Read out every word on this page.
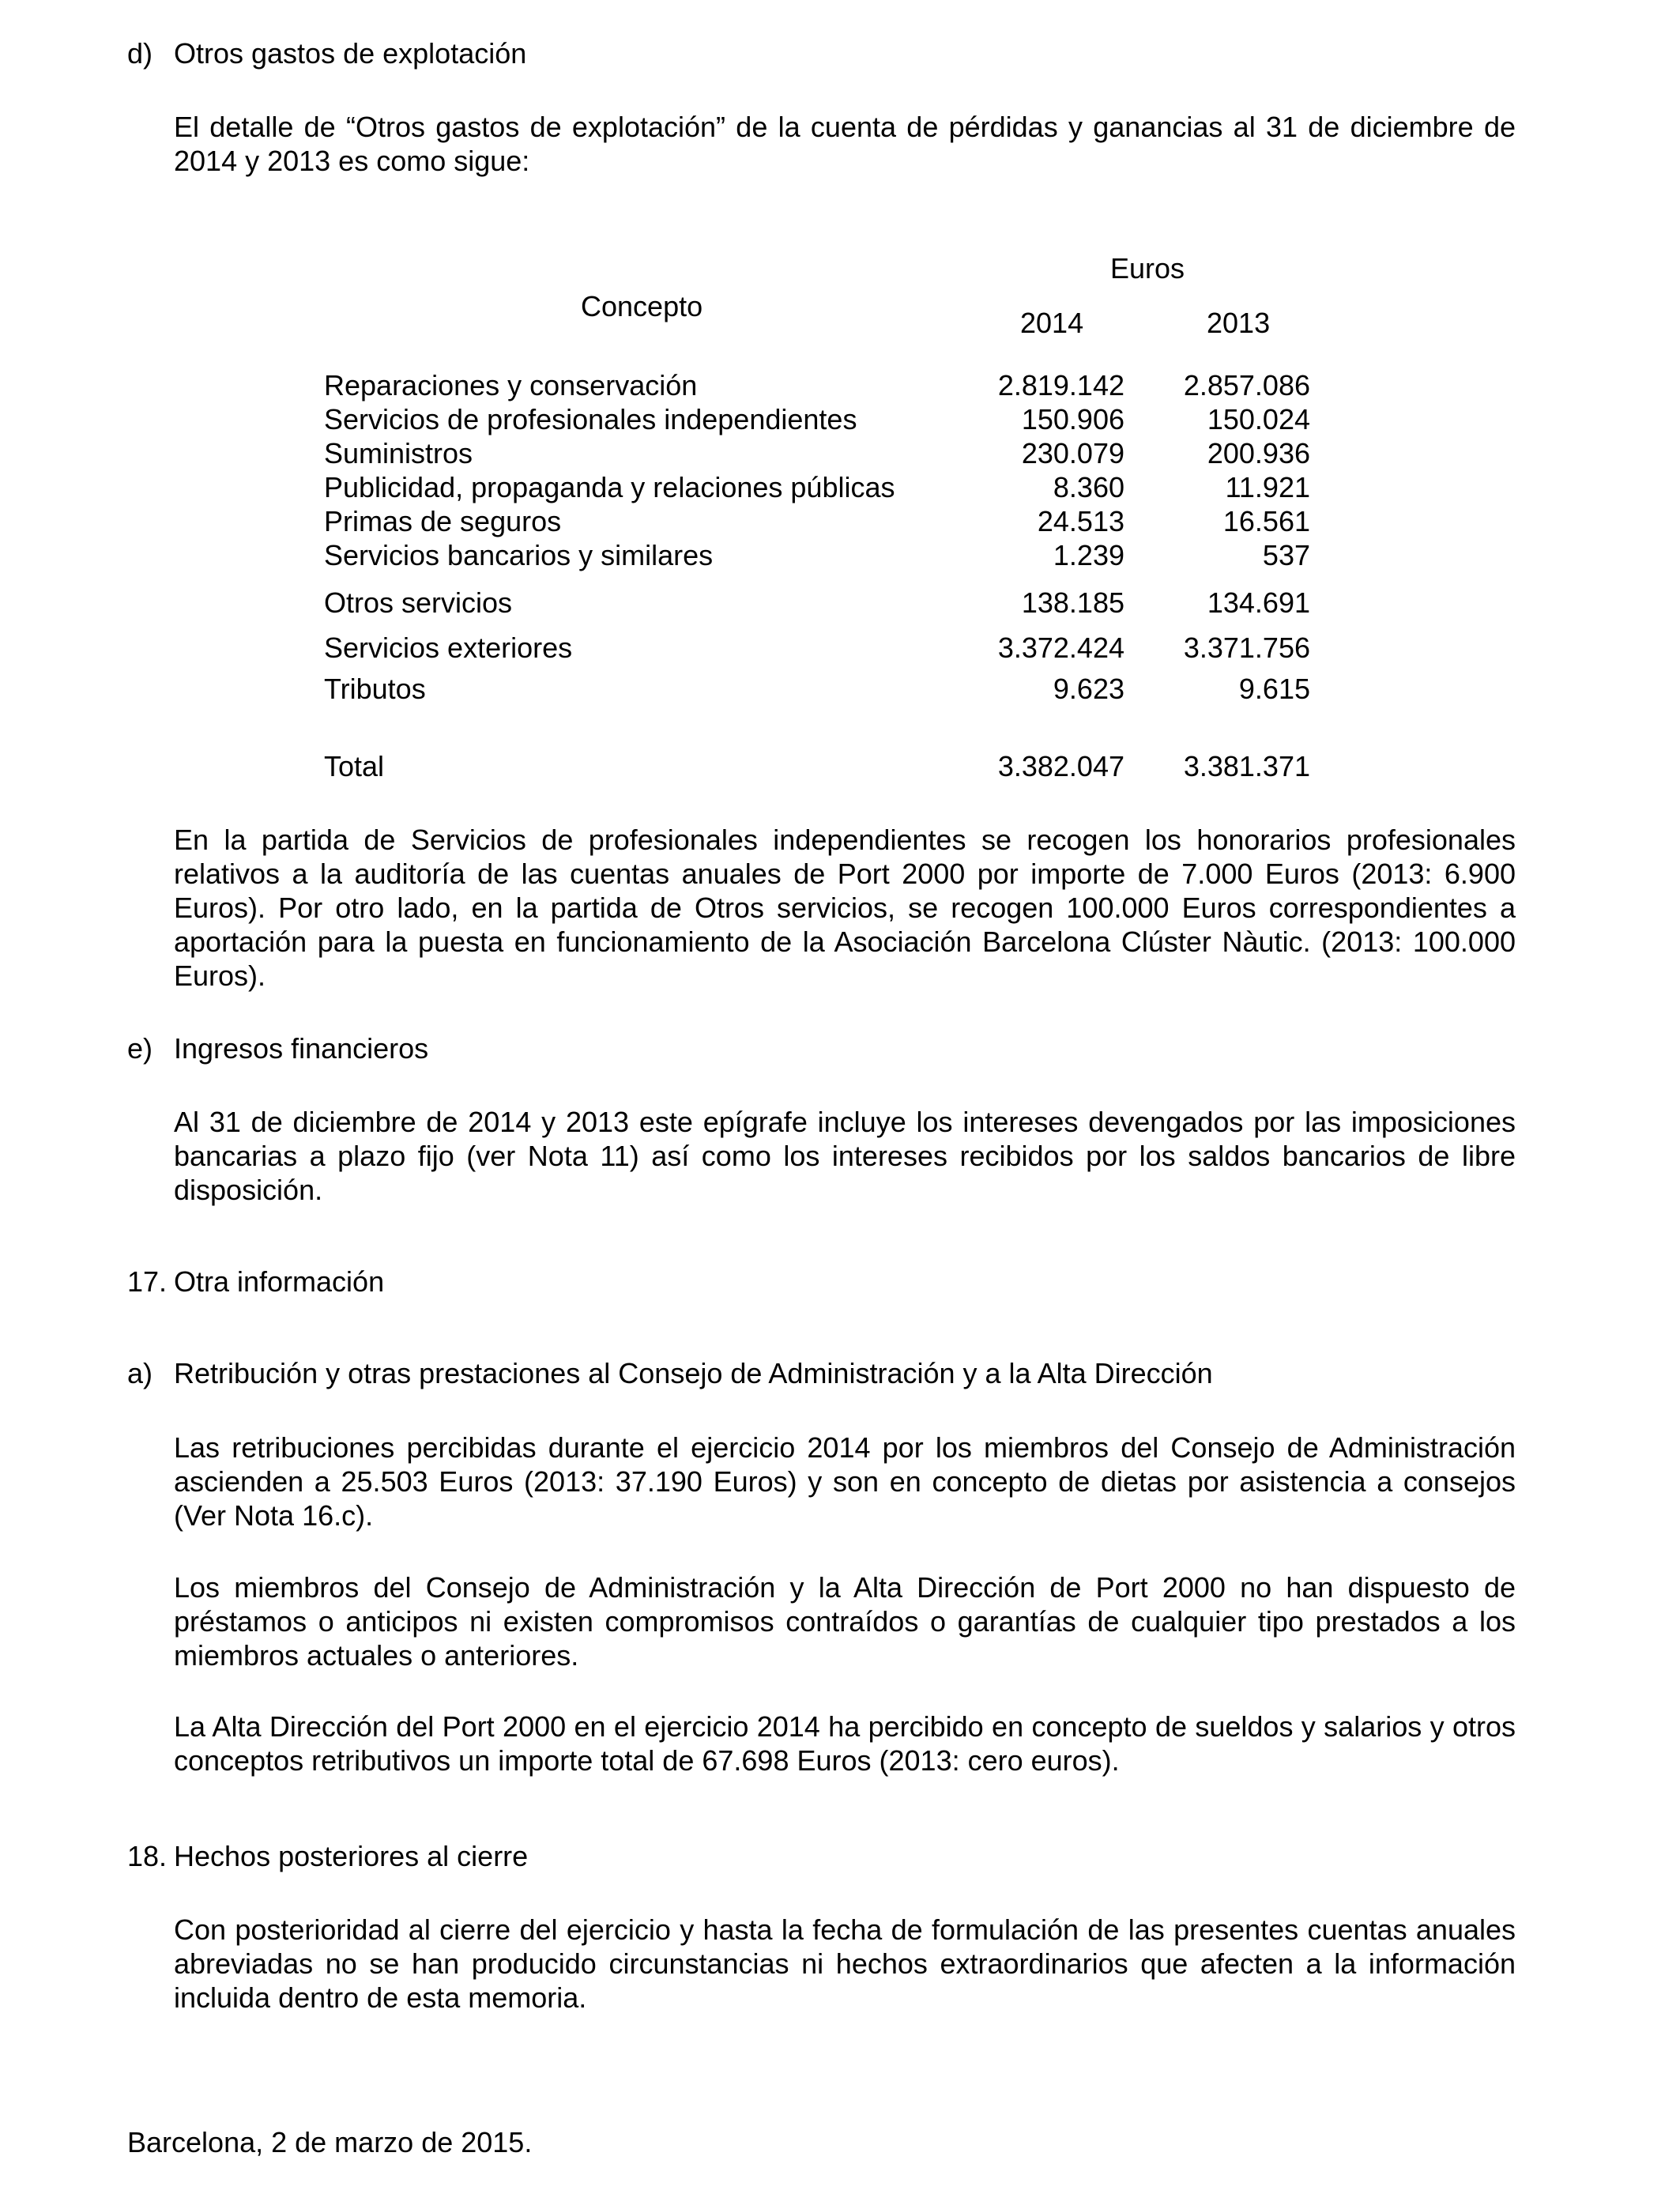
d) Otros gastos de explotación
El detalle de “Otros gastos de explotación” de la cuenta de pérdidas y ganancias al 31 de diciembre de 2014 y 2013 es como sigue:
Euros
Concepto
2014	2013
Reparaciones y conservación	2.819.142	2.857.086
Servicios de profesionales independientes	150.906	150.024
Suministros	230.079	200.936
Publicidad, propaganda y relaciones públicas	8.360	11.921
Primas de seguros	24.513	16.561
Servicios bancarios y similares	1.239	537
Otros servicios	138.185	134.691
Servicios exteriores	3.372.424	3.371.756
Tributos	9.623	9.615
Total	3.382.047	3.381.371
En la partida de Servicios de profesionales independientes se recogen los honorarios profesionales relativos a la auditoría de las cuentas anuales de Port 2000 por importe de 7.000 Euros (2013: 6.900 Euros). Por otro lado, en la partida de Otros servicios, se recogen 100.000 Euros correspondientes a aportación para la puesta en funcionamiento de la Asociación Barcelona Clúster Nàutic. (2013: 100.000 Euros).
e) Ingresos financieros
Al 31 de diciembre de 2014 y 2013 este epígrafe incluye los intereses devengados por las imposiciones bancarias a plazo fijo (ver Nota 11) así como los intereses recibidos por los saldos bancarios de libre disposición.
17. Otra información
a) Retribución y otras prestaciones al Consejo de Administración y a la Alta Dirección
Las retribuciones percibidas durante el ejercicio 2014 por los miembros del Consejo de Administración ascienden a 25.503 Euros (2013: 37.190 Euros) y son en concepto de dietas por asistencia a consejos (Ver Nota 16.c).
Los miembros del Consejo de Administración y la Alta Dirección de Port 2000 no han dispuesto de préstamos o anticipos ni existen compromisos contraídos o garantías de cualquier tipo prestados a los miembros actuales o anteriores.
La Alta Dirección del Port 2000 en el ejercicio 2014 ha percibido en concepto de sueldos y salarios y otros conceptos retributivos un importe total de 67.698 Euros (2013: cero euros).
18. Hechos posteriores al cierre
Con posterioridad al cierre del ejercicio y hasta la fecha de formulación de las presentes cuentas anuales abreviadas no se han producido circunstancias ni hechos extraordinarios que afecten a la información incluida dentro de esta memoria.
Barcelona, 2 de marzo de 2015.
